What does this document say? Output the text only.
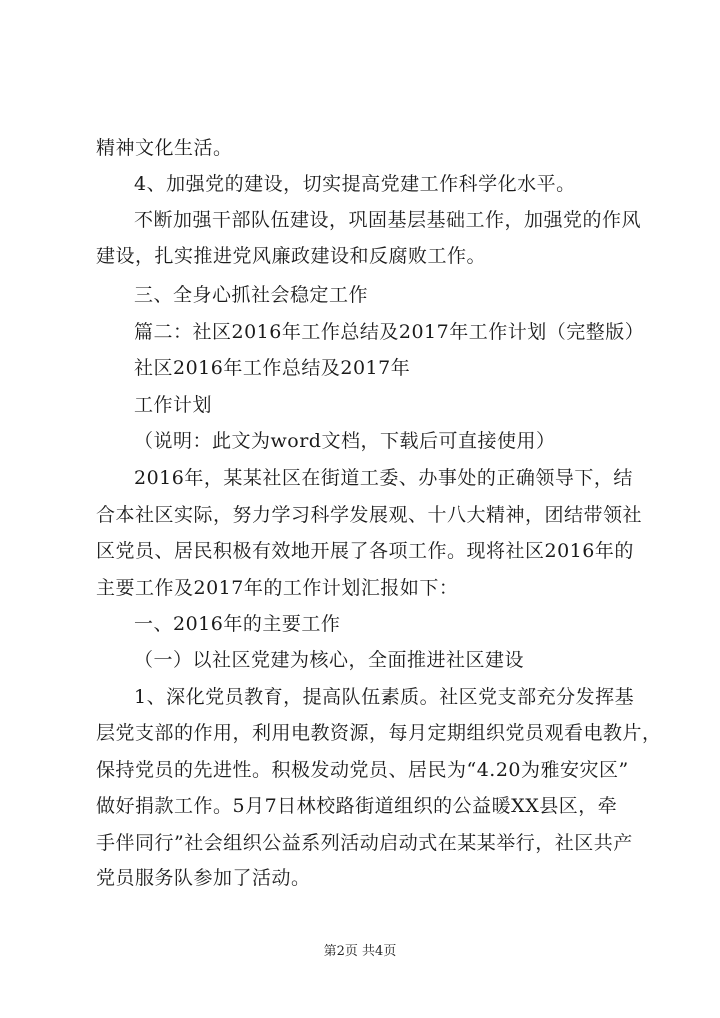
精神文化生活。
4、加强党的建设，切实提高党建工作科学化水平。
不断加强干部队伍建设，巩固基层基础工作，加强党的作风
建设，扎实推进党风廉政建设和反腐败工作。
三、全身心抓社会稳定工作
篇二：社区2016年工作总结及2017年工作计划（完整版）
社区2016年工作总结及2017年
工作计划
（说明：此文为word文档，下载后可直接使用）
2016年，某某社区在街道工委、办事处的正确领导下，结
合本社区实际，努力学习科学发展观、十八大精神，团结带领社
区党员、居民积极有效地开展了各项工作。现将社区2016年的
主要工作及2017年的工作计划汇报如下：
一、2016年的主要工作
（一）以社区党建为核心，全面推进社区建设
1、深化党员教育，提高队伍素质。社区党支部充分发挥基
层党支部的作用，利用电教资源，每月定期组织党员观看电教片，
保持党员的先进性。积极发动党员、居民为“4.20为雅安灾区”
做好捐款工作。5月7日林校路街道组织的公益暖XX县区，牵
手伴同行”社会组织公益系列活动启动式在某某举行，社区共产
党员服务队参加了活动。
第2页 共4页
